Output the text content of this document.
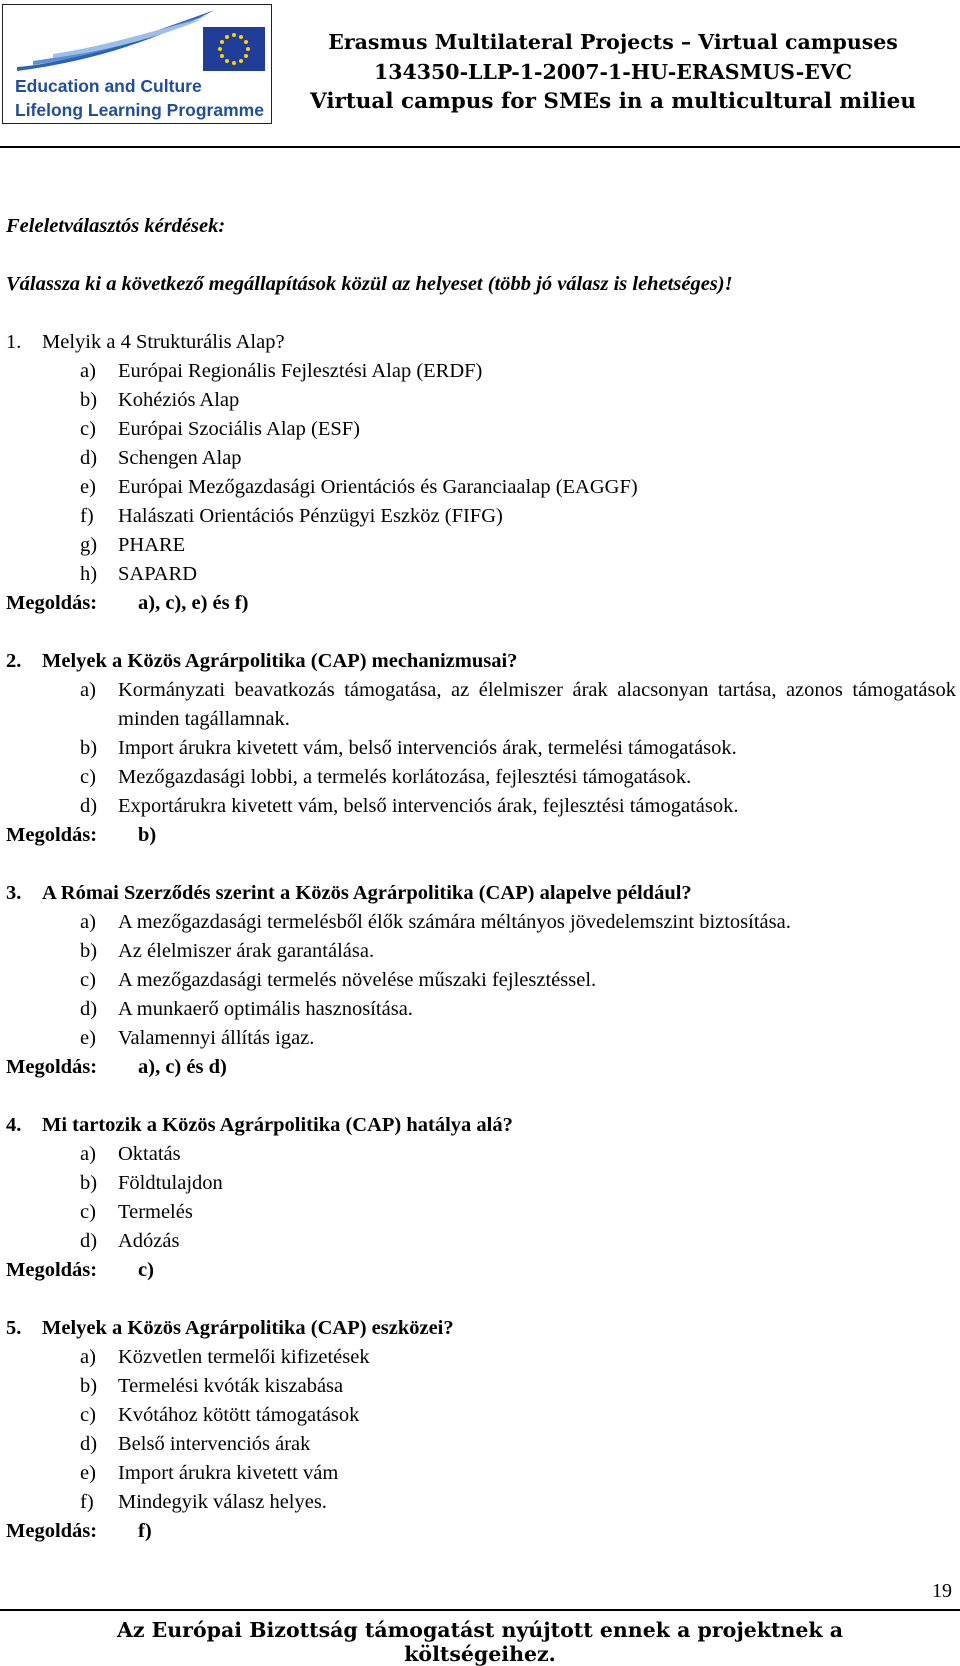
Education and Culture
Lifelong Learning Programme
Erasmus Multilateral Projects – Virtual campuses
134350-LLP-1-2007-1-HU-ERASMUS-EVC
Virtual campus for SMEs in a multicultural milieu
Feleletválasztós kérdések:
Válassza ki a következő megállapítások közül az helyeset (több jó válasz is lehetséges)!
1. Melyik a 4 Strukturális Alap?
a) Európai Regionális Fejlesztési Alap (ERDF)
b) Kohéziós Alap
c) Európai Szociális Alap (ESF)
d) Schengen Alap
e) Európai Mezőgazdasági Orientációs és Garanciaalap (EAGGF)
f) Halászati Orientációs Pénzügyi Eszköz (FIFG)
g) PHARE
h) SAPARD
Megoldás: a), c), e) és f)
2. Melyek a Közös Agrárpolitika (CAP) mechanizmusai?
a) Kormányzati beavatkozás támogatása, az élelmiszer árak alacsonyan tartása, azonos támogatások minden tagállamnak.
b) Import árukra kivetett vám, belső intervenciós árak, termelési támogatások.
c) Mezőgazdasági lobbi, a termelés korlátozása, fejlesztési támogatások.
d) Exportárukra kivetett vám, belső intervenciós árak, fejlesztési támogatások.
Megoldás: b)
3. A Római Szerződés szerint a Közös Agrárpolitika (CAP) alapelve például?
a) A mezőgazdasági termelésből élők számára méltányos jövedelemszint biztosítása.
b) Az élelmiszer árak garantálása.
c) A mezőgazdasági termelés növelése műszaki fejlesztéssel.
d) A munkaerő optimális hasznosítása.
e) Valamennyi állítás igaz.
Megoldás: a), c) és d)
4. Mi tartozik a Közös Agrárpolitika (CAP) hatálya alá?
a) Oktatás
b) Földtulajdon
c) Termelés
d) Adózás
Megoldás: c)
5. Melyek a Közös Agrárpolitika (CAP) eszközei?
a) Közvetlen termelői kifizetések
b) Termelési kvóták kiszabása
c) Kvótához kötött támogatások
d) Belső intervenciós árak
e) Import árukra kivetett vám
f) Mindegyik válasz helyes.
Megoldás: f)
19
Az Európai Bizottság támogatást nyújtott ennek a projektnek a költségeihez.
